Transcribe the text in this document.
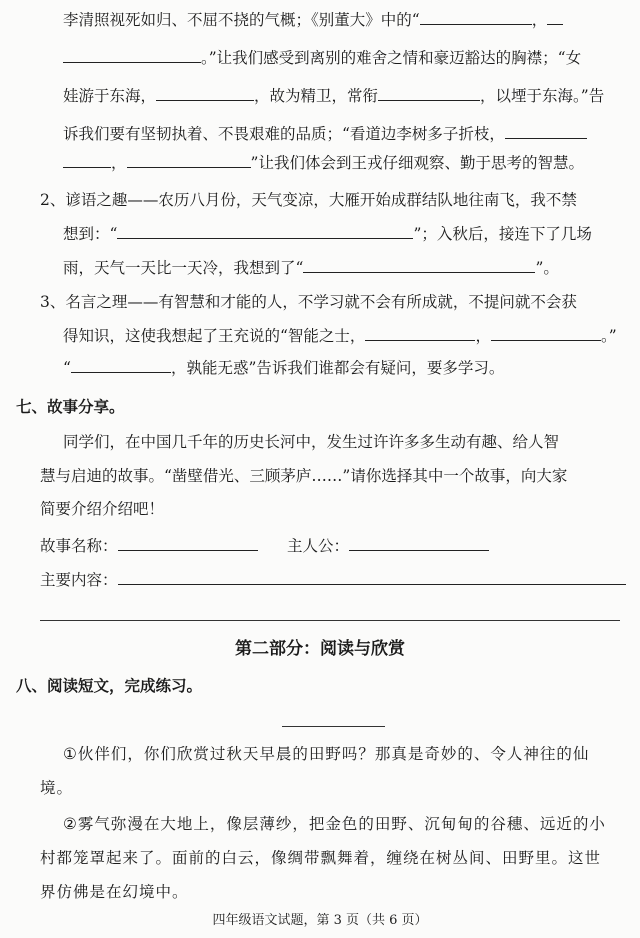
李清照视死如归、不屈不挠的气概；《别董大》中的“	，
。”让我们感受到离别的难舍之情和豪迈豁达的胸襟；“女
娃游于东海，	，故为精卫，常衔	，以堙于东海。”告
诉我们要有坚韧执着、不畏艰难的品质；“看道边李树多子折枝，
，	”让我们体会到王戎仔细观察、勤于思考的智慧。
2、谚语之趣——农历八月份，天气变凉，大雁开始成群结队地往南飞，我不禁
想到：“	”；入秋后，接连下了几场
雨，天气一天比一天冷，我想到了“	”。
3、名言之理——有智慧和才能的人，不学习就不会有所成就，不提问就不会获
得知识，这使我想起了王充说的“智能之士，	，	。”
“	，孰能无惑”告诉我们谁都会有疑问，要多学习。
七、故事分享。
同学们，在中国几千年的历史长河中，发生过许许多多生动有趣、给人智
慧与启迪的故事。“凿壁借光、三顾茅庐……”请你选择其中一个故事，向大家
简要介绍介绍吧！
故事名称：	主人公：
主要内容：
第二部分：阅读与欣赏
八、阅读短文，完成练习。
①伙伴们，你们欣赏过秋天早晨的田野吗？那真是奇妙的、令人神往的仙
境。
②雾气弥漫在大地上，像层薄纱，把金色的田野、沉甸甸的谷穗、远近的小
村都笼罩起来了。面前的白云，像绸带飘舞着，缠绕在树丛间、田野里。这世
界仿佛是在幻境中。
四年级语文试题，第 3 页（共 6 页）
